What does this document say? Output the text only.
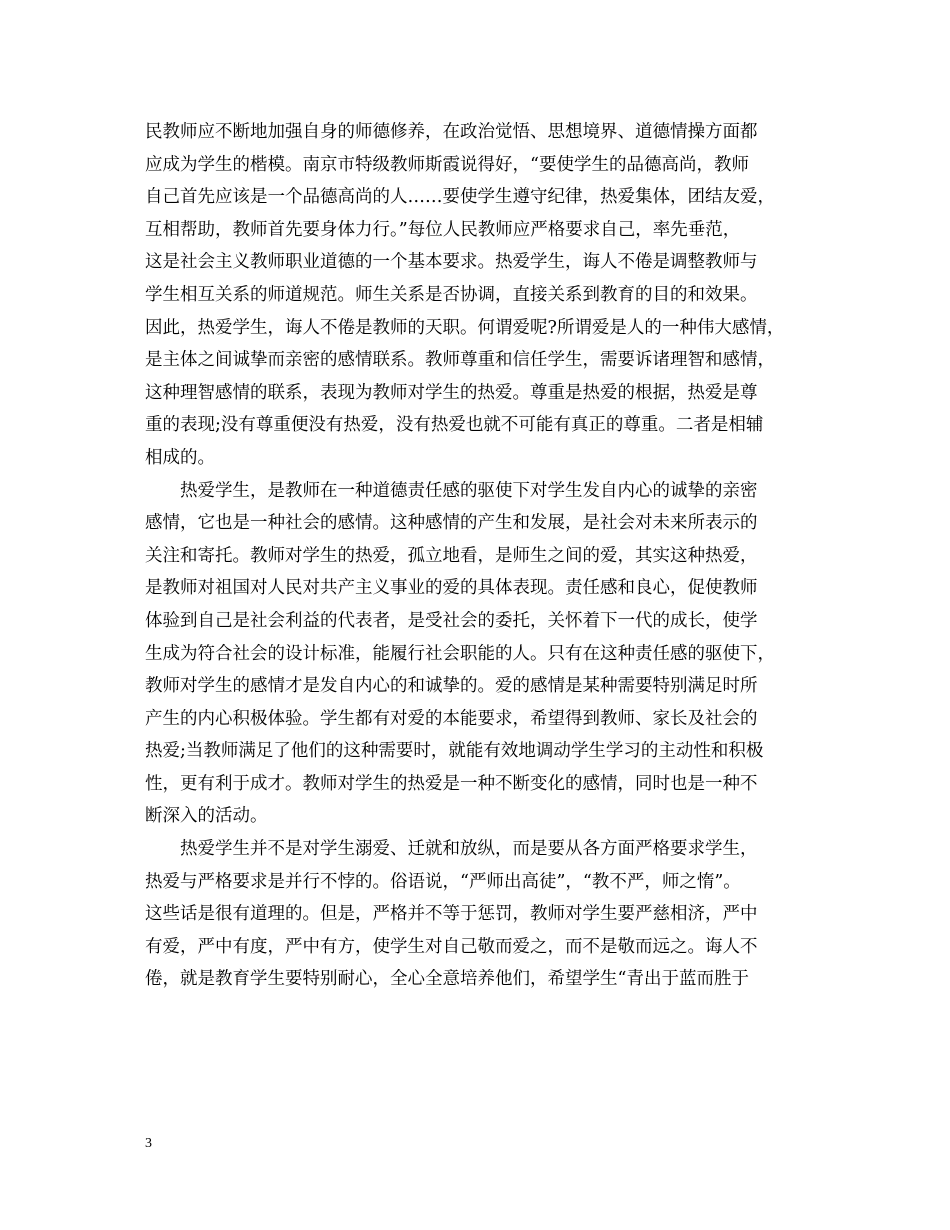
民教师应不断地加强自身的师德修养，在政治觉悟、思想境界、道德情操方面都
应成为学生的楷模。南京市特级教师斯霞说得好，“要使学生的品德高尚，教师
自己首先应该是一个品德高尚的人……要使学生遵守纪律，热爱集体，团结友爱，
互相帮助，教师首先要身体力行。”每位人民教师应严格要求自己，率先垂范，
这是社会主义教师职业道德的一个基本要求。热爱学生，诲人不倦是调整教师与
学生相互关系的师道规范。师生关系是否协调，直接关系到教育的目的和效果。
因此，热爱学生，诲人不倦是教师的天职。何谓爱呢?所谓爱是人的一种伟大感情，
是主体之间诚挚而亲密的感情联系。教师尊重和信任学生，需要诉诸理智和感情，
这种理智感情的联系，表现为教师对学生的热爱。尊重是热爱的根据，热爱是尊
重的表现;没有尊重便没有热爱，没有热爱也就不可能有真正的尊重。二者是相辅
相成的。
热爱学生，是教师在一种道德责任感的驱使下对学生发自内心的诚挚的亲密
感情，它也是一种社会的感情。这种感情的产生和发展，是社会对未来所表示的
关注和寄托。教师对学生的热爱，孤立地看，是师生之间的爱，其实这种热爱，
是教师对祖国对人民对共产主义事业的爱的具体表现。责任感和良心，促使教师
体验到自己是社会利益的代表者，是受社会的委托，关怀着下一代的成长，使学
生成为符合社会的设计标准，能履行社会职能的人。只有在这种责任感的驱使下，
教师对学生的感情才是发自内心的和诚挚的。爱的感情是某种需要特别满足时所
产生的内心积极体验。学生都有对爱的本能要求，希望得到教师、家长及社会的
热爱;当教师满足了他们的这种需要时，就能有效地调动学生学习的主动性和积极
性，更有利于成才。教师对学生的热爱是一种不断变化的感情，同时也是一种不
断深入的活动。
热爱学生并不是对学生溺爱、迁就和放纵，而是要从各方面严格要求学生，
热爱与严格要求是并行不悖的。俗语说，“严师出高徒”，“教不严，师之惰”。
这些话是很有道理的。但是，严格并不等于惩罚，教师对学生要严慈相济，严中
有爱，严中有度，严中有方，使学生对自己敬而爱之，而不是敬而远之。诲人不
倦，就是教育学生要特别耐心，全心全意培养他们，希望学生“青出于蓝而胜于
3
